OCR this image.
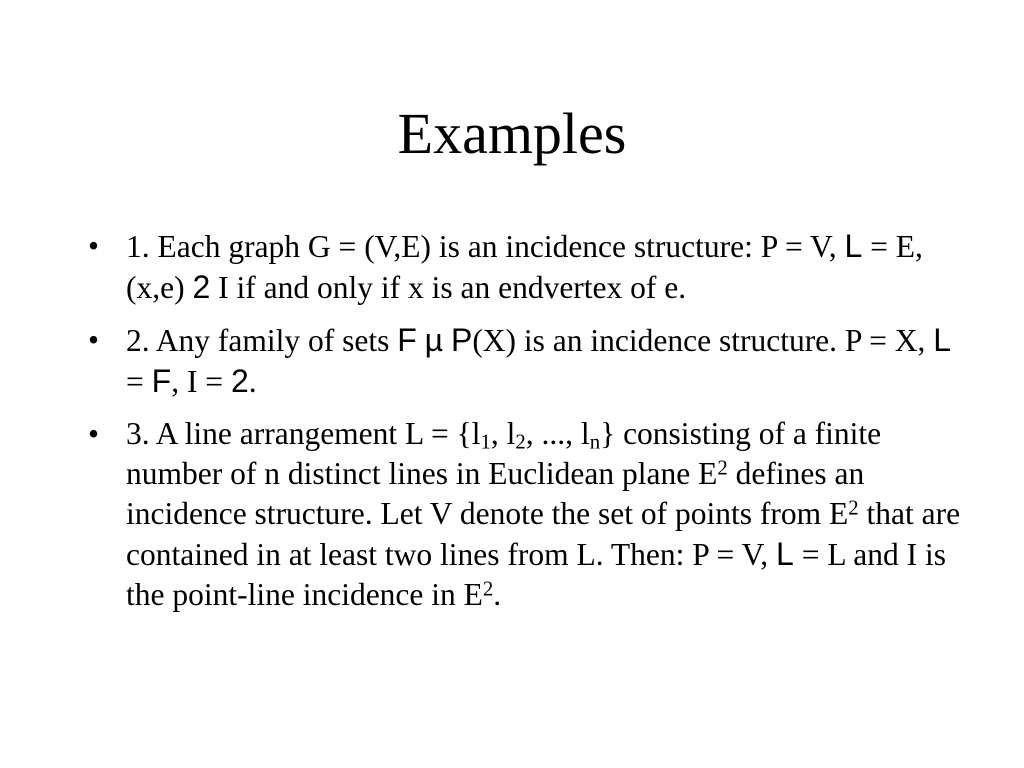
Examples
• 1. Each graph G = (V,E) is an incidence structure: P = V, L = E, (x,e) 2 I if and only if x is an endvertex of e.
• 2. Any family of sets F µ P(X) is an incidence structure. P = X, L = F, I = 2.
• 3. A line arrangement $L = \{l_1$, $l_2$, ..., $l_n$} consisting of a finite number of n distinct lines in Euclidean plane $E^2$ defines an incidence structure. Let V denote the set of points from $E^2$ that are contained in at least two lines from L. Then: P = V, L = L and I is the point-line incidence in $E^2$.
